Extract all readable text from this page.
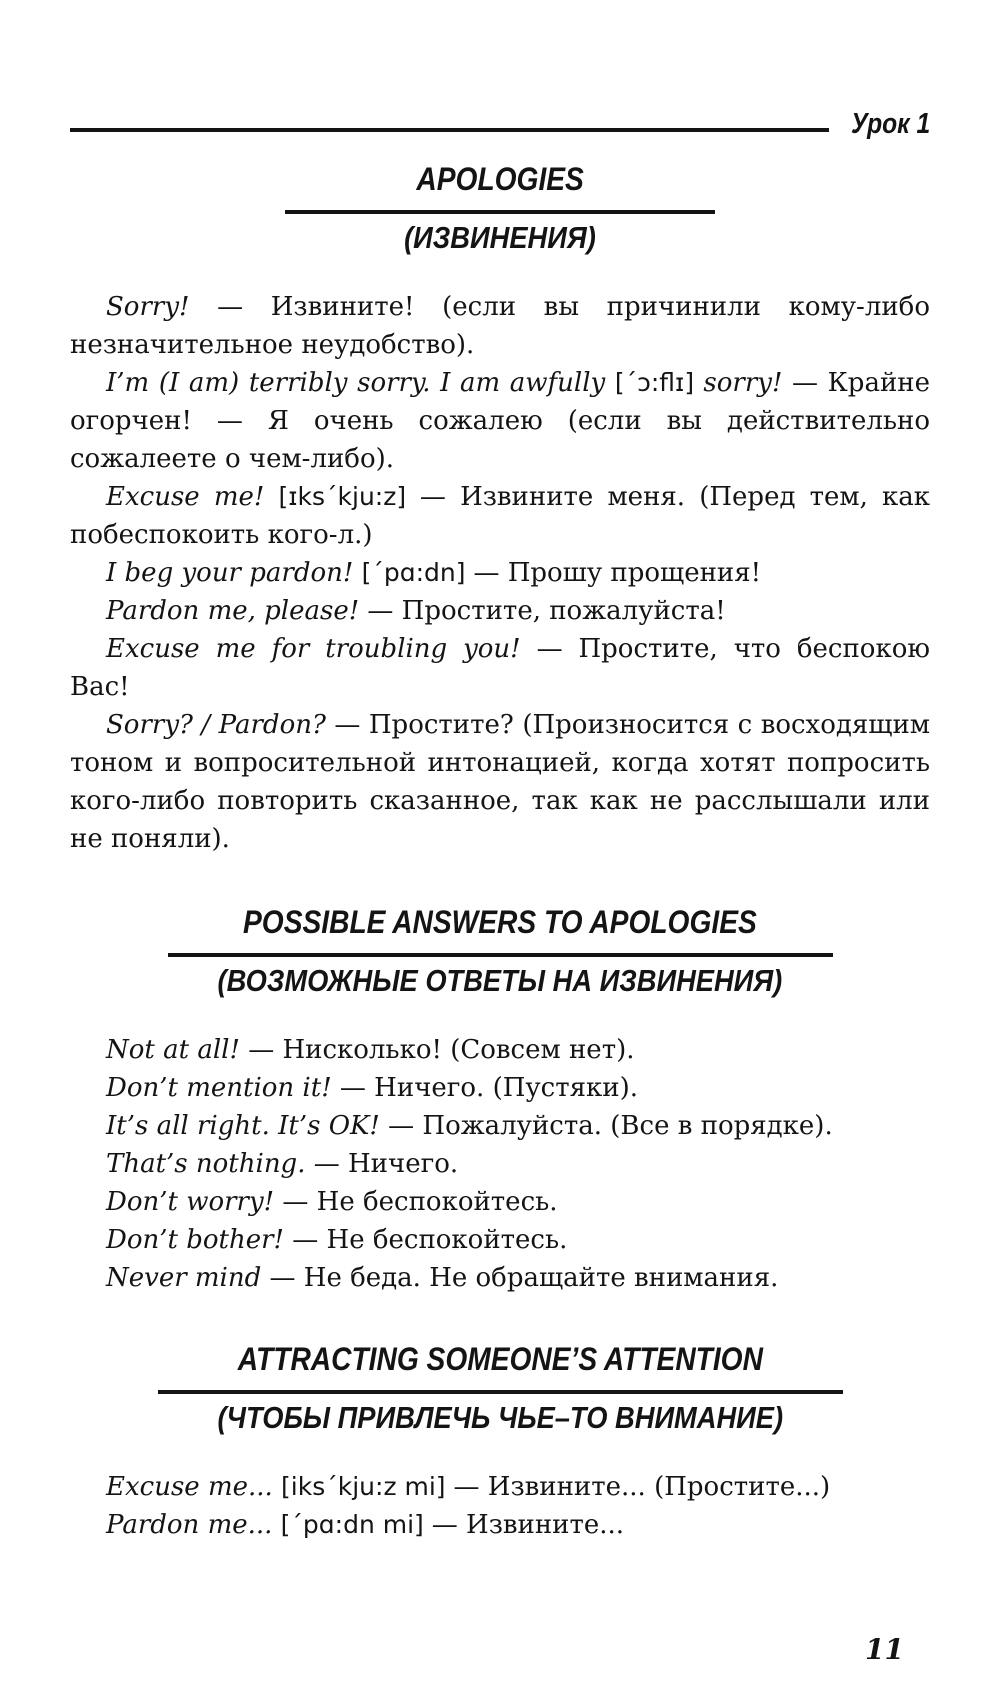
Урок 1
APOLOGIES
(ИЗВИНЕНИЯ)

Sorry! — Извините! (если вы причинили кому-либо незначительное неудобство).

I’m (I am) terribly sorry. I am awfully [´ɔ:flɪ] sorry! — Крайне огорчен! — Я очень сожалею (если вы действительно сожалеете о чем-либо).

Excuse me! [ɪks´kju:z] — Извините меня. (Перед тем, как побеспокоить кого-л.)

I beg your pardon! [´pɑ:dn] — Прошу прощения!

Pardon me, please! — Простите, пожалуйста!

Excuse me for troubling you! — Простите, что беспокою Вас!

Sorry? / Pardon? — Простите? (Произносится с восходящим тоном и вопросительной интонацией, когда хотят попросить кого-либо повторить сказанное, так как не расслышали или не поняли).

POSSIBLE ANSWERS TO APOLOGIES
(ВОЗМОЖНЫЕ ОТВЕТЫ НА ИЗВИНЕНИЯ)

Not at all! — Нисколько! (Совсем нет).

Don’t mention it! — Ничего. (Пустяки).

It’s all right. It’s OK! — Пожалуйста. (Все в порядке).

That’s nothing. — Ничего.

Don’t worry! — Не беспокойтесь.

Don’t bother! — Не беспокойтесь.

Never mind — Не беда. Не обращайте внимания.

ATTRACTING SOMEONE’S ATTENTION
(ЧТОБЫ ПРИВЛЕЧЬ ЧЬЕ–ТО ВНИМАНИЕ)

Excuse me... [iks´kju:z mi] — Извините... (Простите...)

Pardon me... [´pɑ:dn mi] — Извините...

11
